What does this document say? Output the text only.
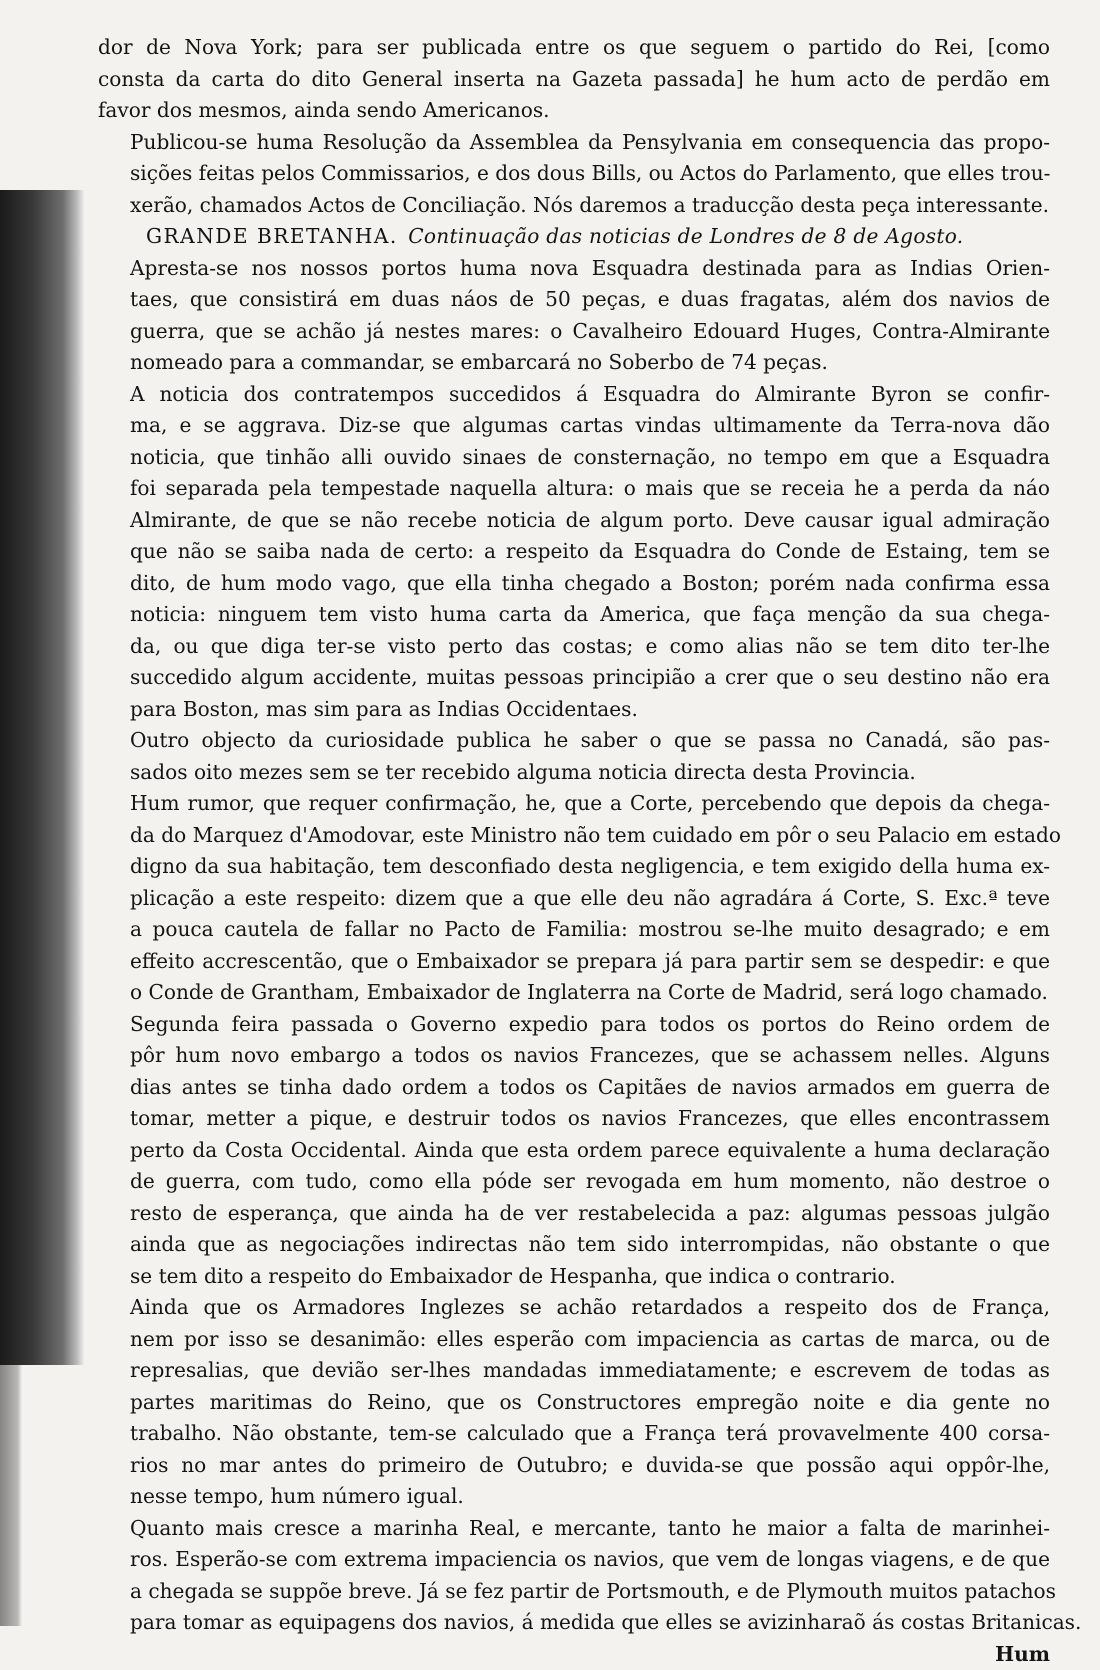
dor de Nova York; para ser publicada entre os que seguem o partido do Rei, [como
consta da carta do dito General inserta na Gazeta passada] he hum acto de perdão em
favor dos mesmos, ainda sendo Americanos.

Publicou-se huma Resolução da Assemblea da Pensylvania em consequencia das propo-
sições feitas pelos Commissarios, e dos dous Bills, ou Actos do Parlamento, que elles trou-
xerão, chamados Actos de Conciliação. Nós daremos a traducção desta peça interessante.

GRANDE BRETANHA.  Continuação das noticias de Londres de 8 de Agosto.

Apresta-se nos nossos portos huma nova Esquadra destinada para as Indias Orien-
taes, que consistirá em duas náos de 50 peças, e duas fragatas, além dos navios de
guerra, que se achão já nestes mares: o Cavalheiro Edouard Huges, Contra-Almirante
nomeado para a commandar, se embarcará no Soberbo de 74 peças.

A noticia dos contratempos succedidos á Esquadra do Almirante Byron se confir-
ma, e se aggrava. Diz-se que algumas cartas vindas ultimamente da Terra-nova dão
noticia, que tinhão alli ouvido sinaes de consternação, no tempo em que a Esquadra
foi separada pela tempestade naquella altura: o mais que se receia he a perda da náo
Almirante, de que se não recebe noticia de algum porto. Deve causar igual admiração
que não se saiba nada de certo: a respeito da Esquadra do Conde de Estaing, tem se
dito, de hum modo vago, que ella tinha chegado a Boston; porém nada confirma essa
noticia: ninguem tem visto huma carta da America, que faça menção da sua chega-
da, ou que diga ter-se visto perto das costas; e como alias não se tem dito ter-lhe
succedido algum accidente, muitas pessoas principião a crer que o seu destino não era
para Boston, mas sim para as Indias Occidentaes.

Outro objecto da curiosidade publica he saber o que se passa no Canadá, são pas-
sados oito mezes sem se ter recebido alguma noticia directa desta Provincia.

Hum rumor, que requer confirmação, he, que a Corte, percebendo que depois da chega-
da do Marquez d'Amodovar, este Ministro não tem cuidado em pôr o seu Palacio em estado
digno da sua habitação, tem desconfiado desta negligencia, e tem exigido della huma ex-
plicação a este respeito: dizem que a que elle deu não agradára á Corte, S. Exc.ª teve
a pouca cautela de fallar no Pacto de Familia: mostrou se-lhe muito desagrado; e em
effeito accrescentão, que o Embaixador se prepara já para partir sem se despedir: e que
o Conde de Grantham, Embaixador de Inglaterra na Corte de Madrid, será logo chamado.

Segunda feira passada o Governo expedio para todos os portos do Reino ordem de
pôr hum novo embargo a todos os navios Francezes, que se achassem nelles. Alguns
dias antes se tinha dado ordem a todos os Capitães de navios armados em guerra de
tomar, metter a pique, e destruir todos os navios Francezes, que elles encontrassem
perto da Costa Occidental. Ainda que esta ordem parece equivalente a huma declaração
de guerra, com tudo, como ella póde ser revogada em hum momento, não destroe o
resto de esperança, que ainda ha de ver restabelecida a paz: algumas pessoas julgão
ainda que as negociações indirectas não tem sido interrompidas, não obstante o que
se tem dito a respeito do Embaixador de Hespanha, que indica o contrario.

Ainda que os Armadores Inglezes se achão retardados a respeito dos de França,
nem por isso se desanimão: elles esperão com impaciencia as cartas de marca, ou de
represalias, que devião ser-lhes mandadas immediatamente; e escrevem de todas as
partes maritimas do Reino, que os Constructores empregão noite e dia gente no
trabalho. Não obstante, tem-se calculado que a França terá provavelmente 400 corsa-
rios no mar antes do primeiro de Outubro; e duvida-se que possão aqui oppôr-lhe,
nesse tempo, hum número igual.

Quanto mais cresce a marinha Real, e mercante, tanto he maior a falta de marinhei-
ros. Esperão-se com extrema impaciencia os navios, que vem de longas viagens, e de que
a chegada se suppõe breve. Já se fez partir de Portsmouth, e de Plymouth muitos patachos
para tomar as equipagens dos navios, á medida que elles se avizinharaõ ás costas Britanicas.

Hum
